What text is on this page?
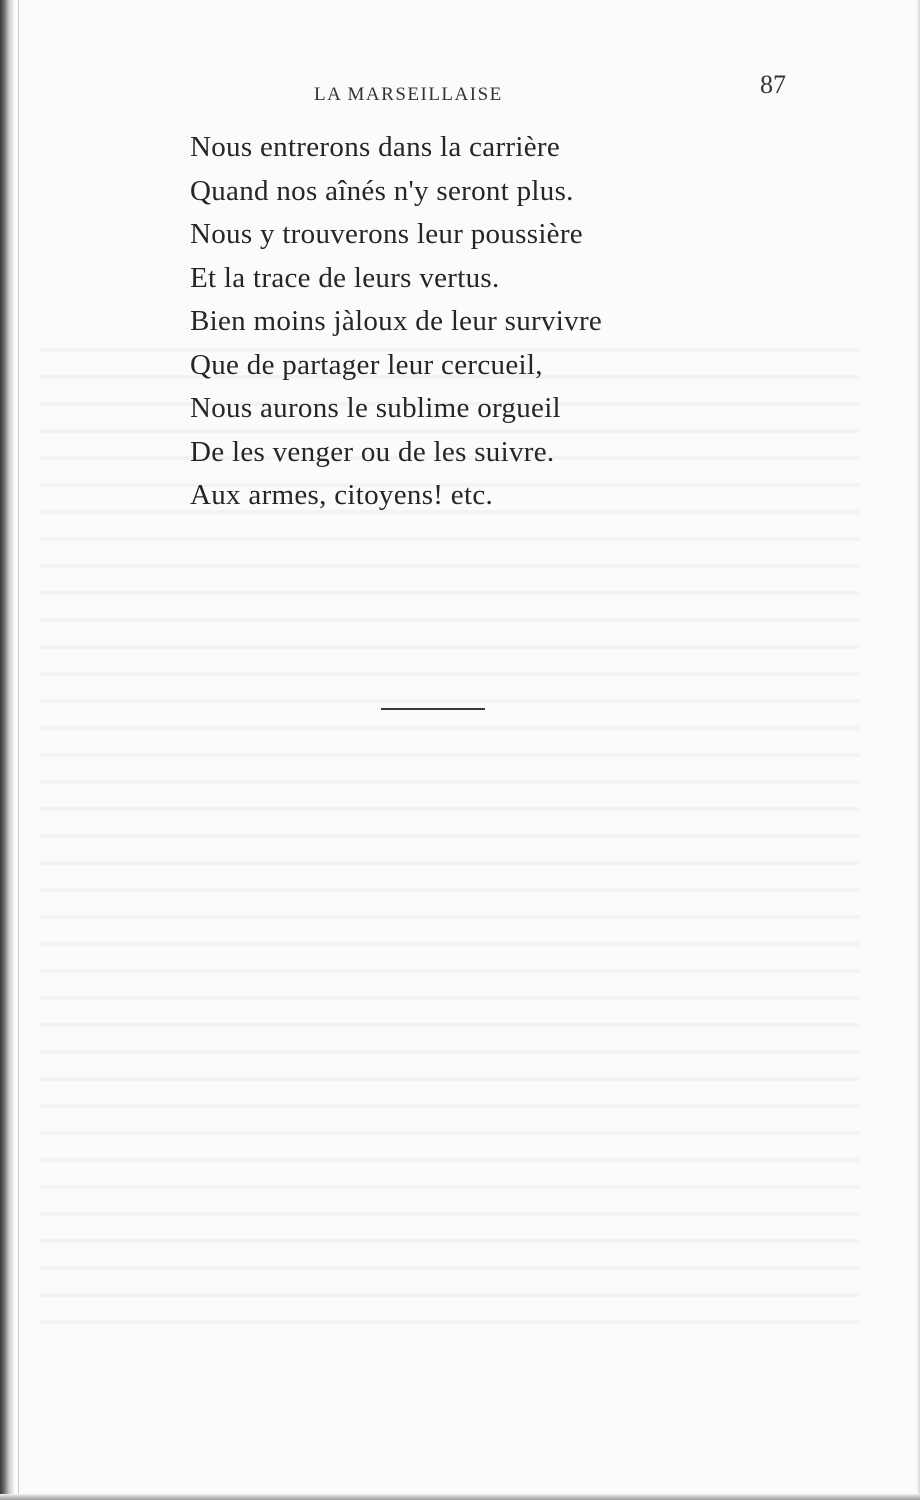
LA MARSEILLAISE	87
Nous entrerons dans la carrière
Quand nos aînés n'y seront plus.
Nous y trouverons leur poussière
Et la trace de leurs vertus.
Bien moins jàloux de leur survivre
Que de partager leur cercueil,
Nous aurons le sublime orgueil
De les venger ou de les suivre.
Aux armes, citoyens! etc.
